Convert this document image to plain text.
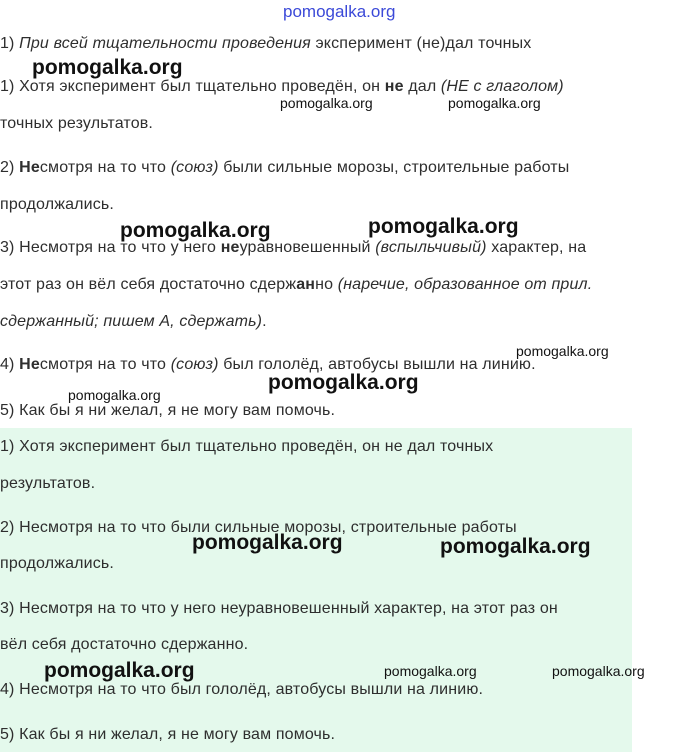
pomogalka.org
1) При всей тщательности проведения эксперимент (не)дал точных
1) Хотя эксперимент был тщательно проведён, он не дал (НЕ с глаголом)
точных результатов.
2) Несмотря на то что (союз) были сильные морозы, строительные работы
продолжались.
3) Несмотря на то что у него неуравновешенный (вспыльчивый) характер, на
этот раз он вёл себя достаточно сдержанно (наречие, образованное от прил.
сдержанный; пишем А, сдержать).
4) Несмотря на то что (союз) был гололёд, автобусы вышли на линию.
5) Как бы я ни желал, я не могу вам помочь.
1) Хотя эксперимент был тщательно проведён, он не дал точных
результатов.
2) Несмотря на то что были сильные морозы, строительные работы
продолжались.
3) Несмотря на то что у него неуравновешенный характер, на этот раз он
вёл себя достаточно сдержанно.
4) Несмотря на то что был гололёд, автобусы вышли на линию.
5) Как бы я ни желал, я не могу вам помочь.
pomogalka.org
pomogalka.org	pomogalka.org
pomogalka.org	pomogalka.org
pomogalka.org
pomogalka.org
pomogalka.org
pomogalka.org	pomogalka.org
pomogalka.org	pomogalka.org	pomogalka.org
